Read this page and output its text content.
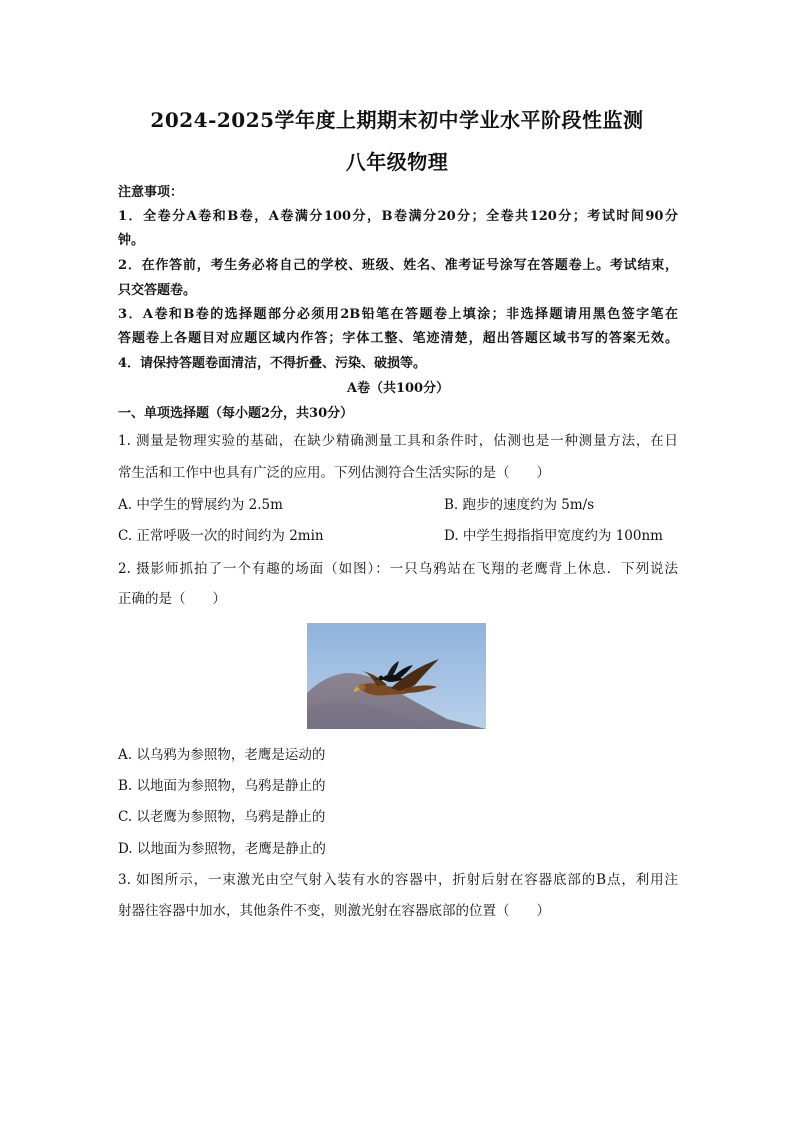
2024-2025学年度上期期末初中学业水平阶段性监测
八年级物理
注意事项：
1．全卷分A卷和B卷，A卷满分100分，B卷满分20分；全卷共120分；考试时间90分
钟。
2．在作答前，考生务必将自己的学校、班级、姓名、准考证号涂写在答题卷上。考试结束，
只交答题卷。
3．A卷和B卷的选择题部分必须用2B铅笔在答题卷上填涂；非选择题请用黑色签字笔在
答题卷上各题目对应题区域内作答；字体工整、笔迹清楚，超出答题区域书写的答案无效。
4．请保持答题卷面清洁，不得折叠、污染、破损等。
A卷（共100分）
一、单项选择题（每小题2分，共30分）
1. 测量是物理实验的基础，在缺少精确测量工具和条件时，估测也是一种测量方法，在日
常生活和工作中也具有广泛的应用。下列估测符合生活实际的是（　　）
A. 中学生的臂展约为 2.5m	B. 跑步的速度约为 5m/s
C. 正常呼吸一次的时间约为 2min	D. 中学生拇指指甲宽度约为 100nm
2. 摄影师抓拍了一个有趣的场面（如图）：一只乌鸦站在飞翔的老鹰背上休息．下列说法
正确的是（　　）
A. 以乌鸦为参照物，老鹰是运动的
B. 以地面为参照物，乌鸦是静止的
C. 以老鹰为参照物，乌鸦是静止的
D. 以地面为参照物，老鹰是静止的
3. 如图所示，一束激光由空气射入装有水的容器中，折射后射在容器底部的B点，利用注
射器往容器中加水，其他条件不变，则激光射在容器底部的位置（　　）
